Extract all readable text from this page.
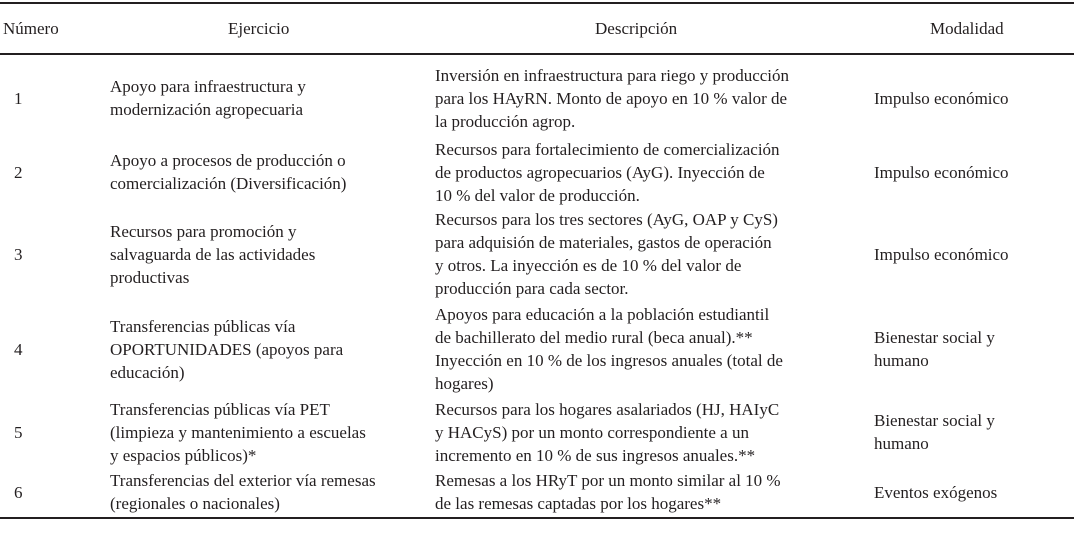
Número	Ejercicio	Descripción	Modalidad
1	Apoyo para infraestructura y
modernización agropecuaria	Inversión en infraestructura para riego y producción
para los HAyRN. Monto de apoyo en 10 % valor de
la producción agrop.	Impulso económico

2	Apoyo a procesos de producción o
comercialización (Diversificación)	Recursos para fortalecimiento de comercialización
de productos agropecuarios (AyG). Inyección de
10 % del valor de producción.	Impulso económico

3	Recursos para promoción y
salvaguarda de las actividades
productivas	Recursos para los tres sectores (AyG, OAP y CyS)
para adquisión de materiales, gastos de operación
y otros. La inyección es de 10 % del valor de
producción para cada sector.	Impulso económico

4	Transferencias públicas vía
OPORTUNIDADES (apoyos para
educación)	Apoyos para educación a la población estudiantil
de bachillerato del medio rural (beca anual).**
Inyección en 10 % de los ingresos anuales (total de
hogares)	Bienestar social y
humano

5	Transferencias públicas vía PET
(limpieza y mantenimiento a escuelas
y espacios públicos)*	Recursos para los hogares asalariados (HJ, HAIyC
y HACyS) por un monto correspondiente a un
incremento en 10 % de sus ingresos anuales.**	Bienestar social y
humano

6	Transferencias del exterior vía remesas
(regionales o nacionales)	Remesas a los HRyT por un monto similar al 10 %
de las remesas captadas por los hogares**	Eventos exógenos
